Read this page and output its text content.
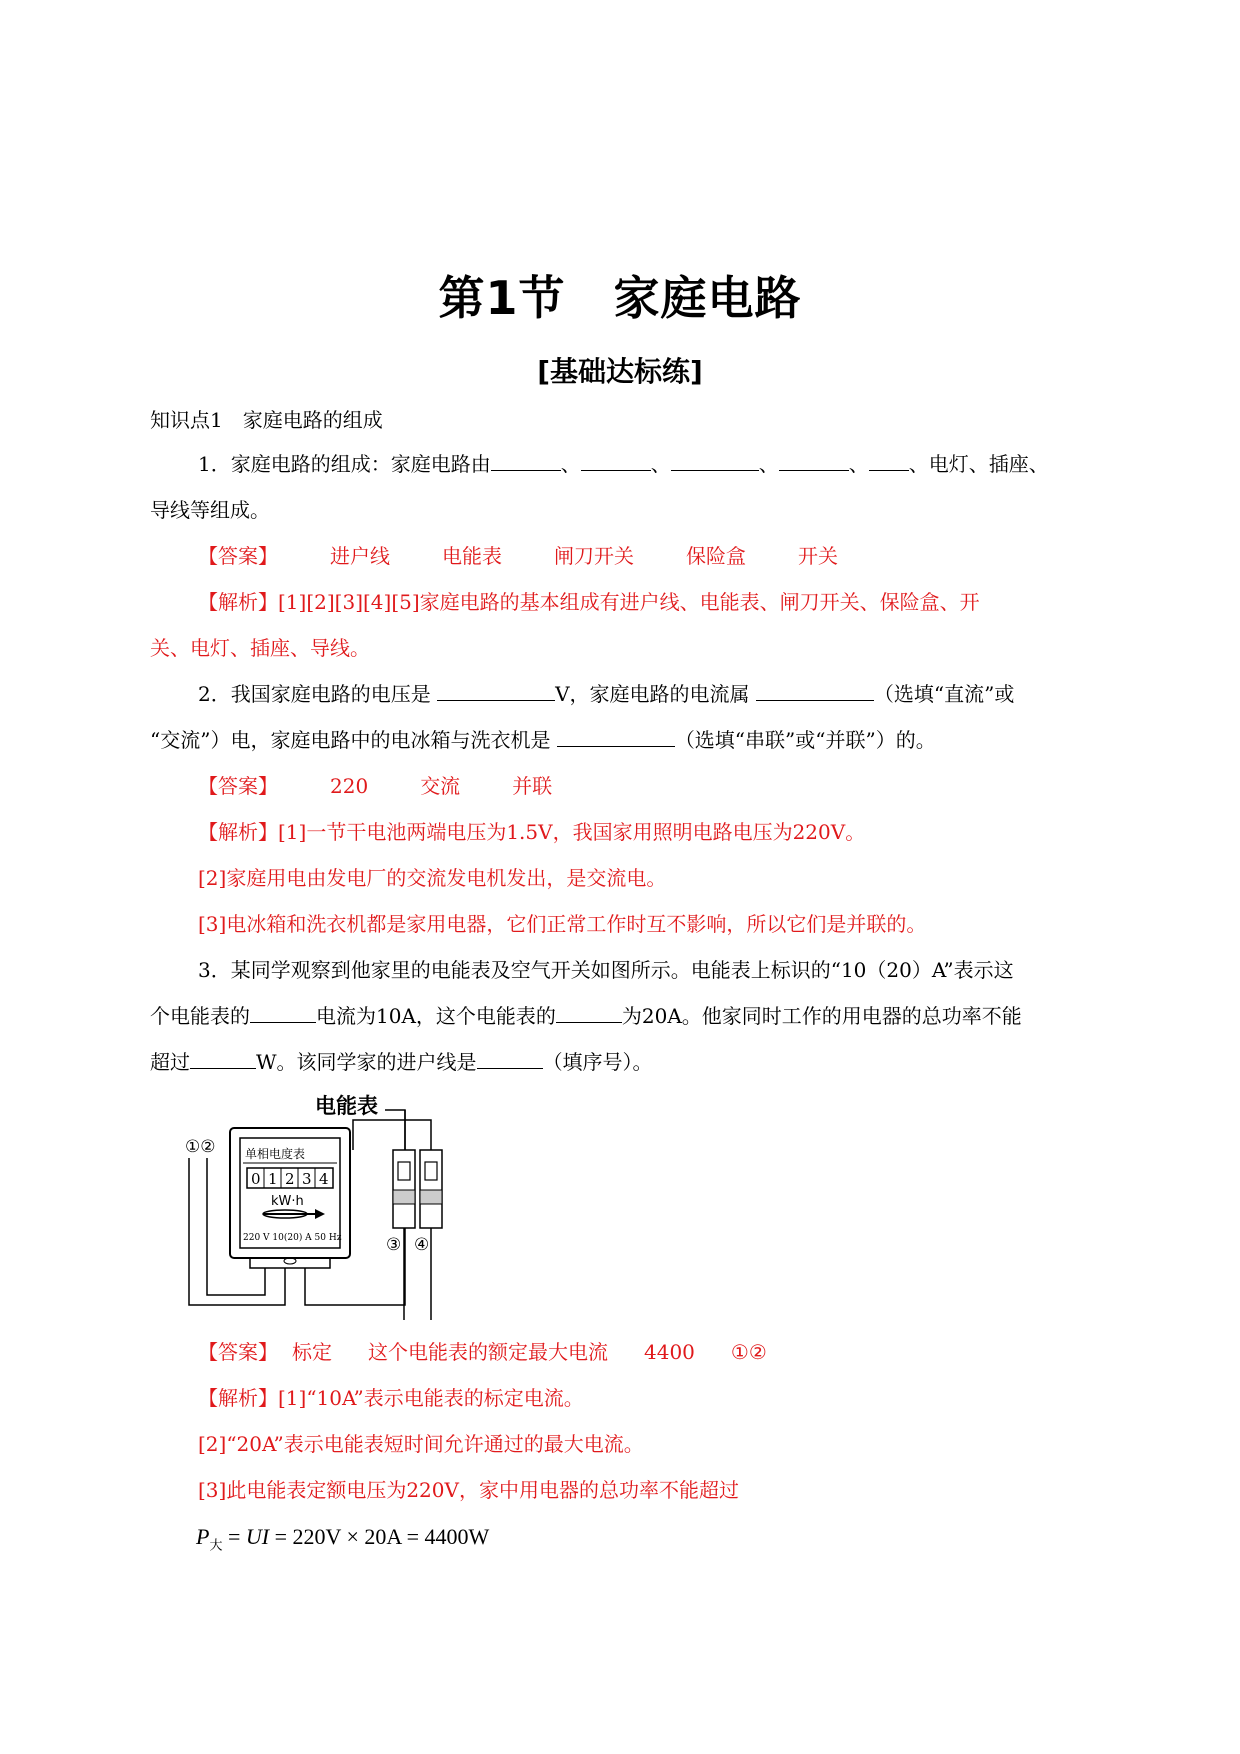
第1节 家庭电路
[基础达标练]

知识点1　家庭电路的组成

1．家庭电路的组成：家庭电路由	、	、	、	、 、电灯、插座、

导线等组成。

【答案】	进户线	电能表	闸刀开关	保险盒	开关

【解析】[1][2][3][4][5]家庭电路的基本组成有进户线、电能表、闸刀开关、保险盒、开

关、电灯、插座、导线。

2．我国家庭电路的电压是	V，家庭电路的电流属	（选填“直流”或

“交流”）电，家庭电路中的电冰箱与洗衣机是	（选填“串联”或“并联”）的。

【答案】	220	交流	并联

【解析】[1]一节干电池两端电压为1.5V，我国家用照明电路电压为220V。

[2]家庭用电由发电厂的交流发电机发出，是交流电。

[3]电冰箱和洗衣机都是家用电器，它们正常工作时互不影响，所以它们是并联的。

3．某同学观察到他家里的电能表及空气开关如图所示。电能表上标识的“10（20）A”表示这

个电能表的	电流为10A，这个电能表的	为20A。他家同时工作的用电器的总功率不能

超过	W。该同学家的进户线是	（填序号）。

电能表
单相电度表
0 1 2 3 4
kW·h
220 V 10(20) A 50 Hz
①②
③ ④

【答案】 标定 这个电能表的额定最大电流 4400 ①②

【解析】[1]“10A”表示电能表的标定电流。

[2]“20A”表示电能表短时间允许通过的最大电流。

[3]此电能表定额电压为220V，家中用电器的总功率不能超过

$P_大$ = UI = 220V × 20A = 4400W
